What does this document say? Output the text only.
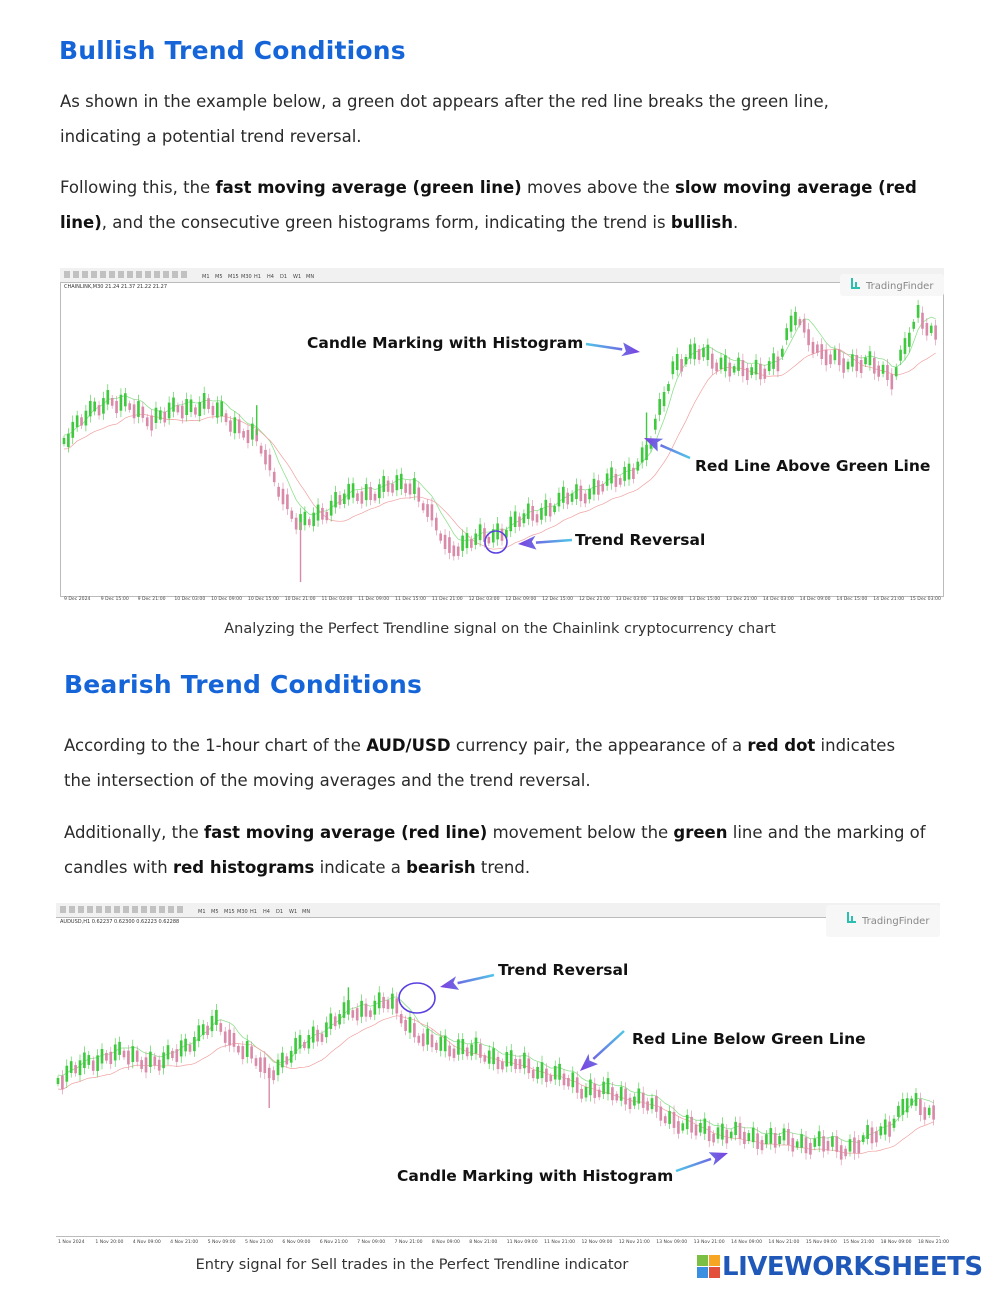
Bullish Trend Conditions
As shown in the example below, a green dot appears after the red line breaks the green line,
indicating a potential trend reversal.
Following this, the fast moving average (green line) moves above the slow moving average (red
line), and the consecutive green histograms form, indicating the trend is bullish.
M1 M5 M15 M30 H1 H4 D1 W1 MN
CHAINLINK,M30 21.24 21.37 21.22 21.27	TradingFinder
Candle Marking with Histogram
Red Line Above Green Line
Trend Reversal
9 Dec 2024 9 Dec 15:00 9 Dec 21:00 10 Dec 03:00 10 Dec 09:00 10 Dec 15:00 10 Dec 21:00 11 Dec 03:00 11 Dec 09:00 11 Dec 15:00 11 Dec 21:00 12 Dec 03:00 12 Dec 09:00 12 Dec 15:00 12 Dec 21:00 13 Dec 03:00 13 Dec 09:00 13 Dec 15:00 13 Dec 21:00 14 Dec 03:00 14 Dec 09:00 14 Dec 15:00 14 Dec 21:00 15 Dec 03:00
Analyzing the Perfect Trendline signal on the Chainlink cryptocurrency chart
Bearish Trend Conditions
According to the 1-hour chart of the AUD/USD currency pair, the appearance of a red dot indicates
the intersection of the moving averages and the trend reversal.
Additionally, the fast moving average (red line) movement below the green line and the marking of
candles with red histograms indicate a bearish trend.
M1 M5 M15 M30 H1 H4 D1 W1 MN
AUDUSD,H1 0.62237 0.62300 0.62223 0.62288	TradingFinder
Trend Reversal
Red Line Below Green Line
Candle Marking with Histogram
1 Nov 2024 1 Nov 20:00 4 Nov 09:00 4 Nov 21:00 5 Nov 09:00 5 Nov 21:00 6 Nov 09:00 6 Nov 21:00 7 Nov 09:00 7 Nov 21:00 8 Nov 09:00 8 Nov 21:00 11 Nov 09:00 11 Nov 21:00 12 Nov 09:00 12 Nov 21:00 13 Nov 09:00 13 Nov 21:00 14 Nov 09:00 14 Nov 21:00 15 Nov 09:00 15 Nov 21:00 18 Nov 09:00 18 Nov 21:00
Entry signal for Sell trades in the Perfect Trendline indicator	LIVEWORKSHEETS
